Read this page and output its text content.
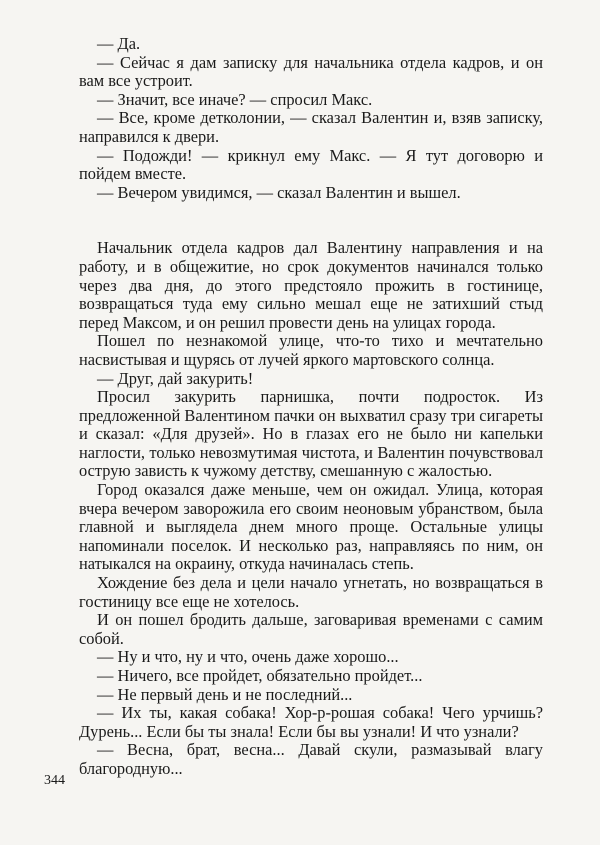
— Да.

— Сейчас я дам записку для начальника отдела кадров, и он вам все устроит.

— Значит, все иначе? — спросил Макс.

— Все, кроме детколонии, — сказал Валентин и, взяв записку, направился к двери.

— Подожди! — крикнул ему Макс. — Я тут договорю и пойдем вместе.

— Вечером увидимся, — сказал Валентин и вышел.

Начальник отдела кадров дал Валентину направления и на работу, и в общежитие, но срок документов начинался только через два дня, до этого предстояло прожить в гостинице, возвращаться туда ему сильно мешал еще не затихший стыд перед Максом, и он решил провести день на улицах города.

Пошел по незнакомой улице, что-то тихо и мечтательно насвистывая и щурясь от лучей яркого мартовского солнца.

— Друг, дай закурить!

Просил закурить парнишка, почти подросток. Из предложенной Валентином пачки он выхватил сразу три сигареты и сказал: «Для друзей». Но в глазах его не было ни капельки наглости, только невозмутимая чистота, и Валентин почувствовал острую зависть к чужому детству, смешанную с жалостью.

Город оказался даже меньше, чем он ожидал. Улица, которая вчера вечером заворожила его своим неоновым убранством, была главной и выглядела днем много проще. Остальные улицы напоминали поселок. И несколько раз, направляясь по ним, он натыкался на окраину, откуда начиналась степь.

Хождение без дела и цели начало угнетать, но возвращаться в гостиницу все еще не хотелось.

И он пошел бродить дальше, заговаривая временами с самим собой.

— Ну и что, ну и что, очень даже хорошо...

— Ничего, все пройдет, обязательно пройдет...

— Не первый день и не последний...

— Их ты, какая собака! Хор-р-рошая собака! Чего урчишь? Дурень... Если бы ты знала! Если бы вы узнали! И что узнали?

— Весна, брат, весна... Давай скули, размазывай влагу благородную...

344
